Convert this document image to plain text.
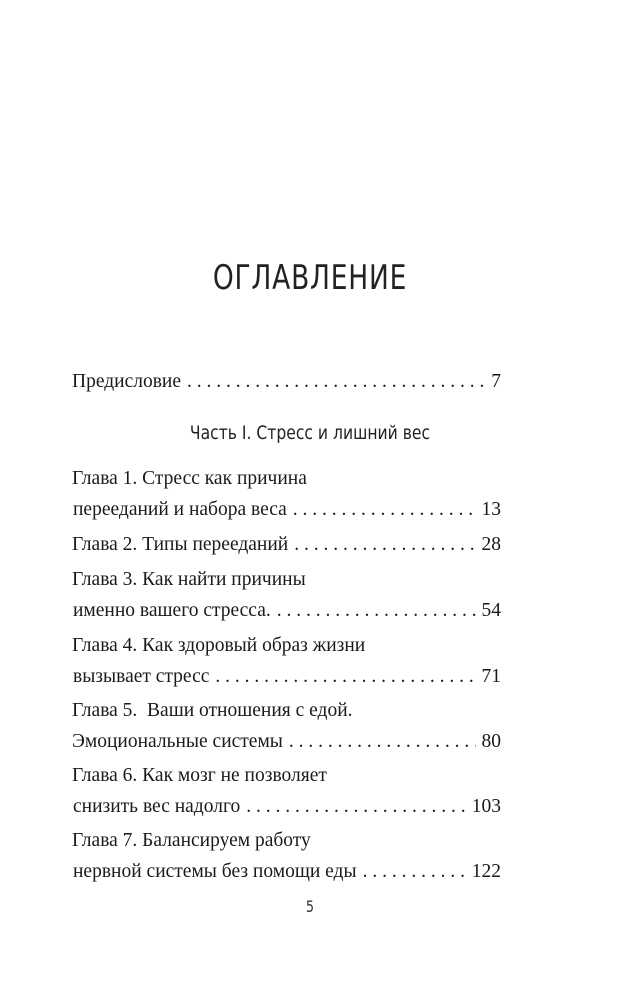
ОГЛАВЛЕНИЕ
Предисловие . . .	7
Часть I. Стресс и лишний вес
Глава 1. Стресс как причина
перееданий и набора веса . . .	13
Глава 2. Типы перееданий . . .	28
Глава 3. Как найти причины
именно вашего стресса. . . .	54
Глава 4. Как здоровый образ жизни
вызывает стресс . . .	71
Глава 5.  Ваши отношения с едой.
Эмоциональные системы . . .	80
Глава 6. Как мозг не позволяет
снизить вес надолго . . .	103
Глава 7. Балансируем работу
нервной системы без помощи еды . . .	122
5
